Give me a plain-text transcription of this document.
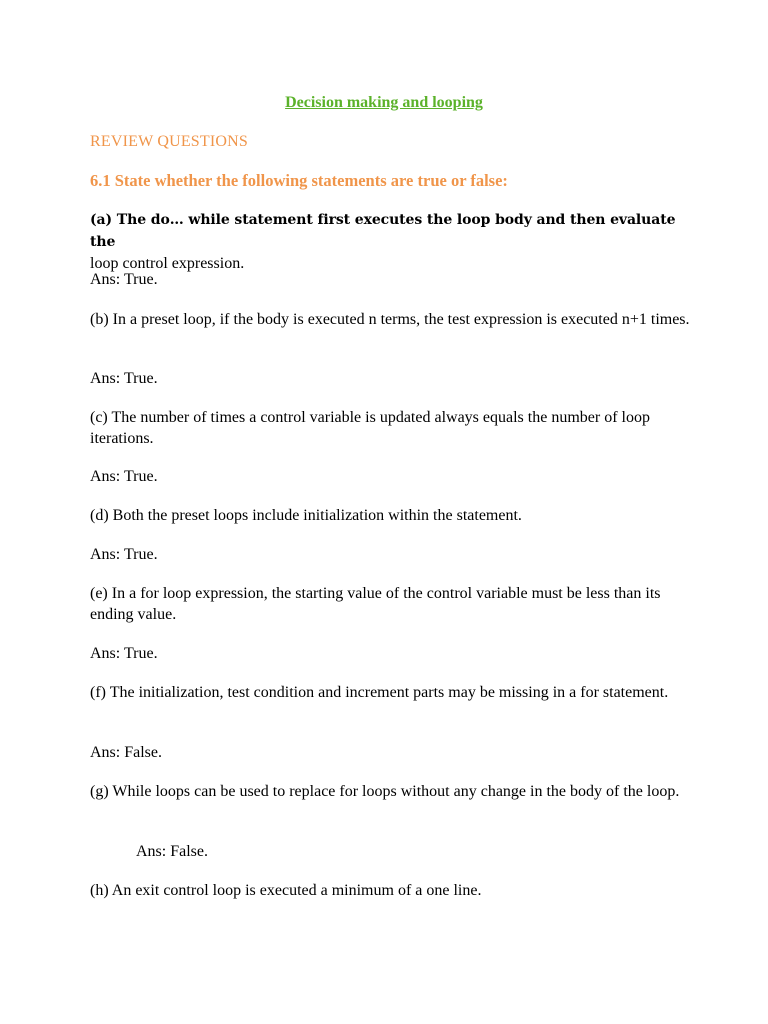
Decision making and looping
REVIEW QUESTIONS
6.1 State whether the following statements are true or false:
(a) The do… while statement first executes the loop body and then evaluate the
loop control expression.
Ans: True.
(b) In a preset loop, if the body is executed n terms, the test expression is executed n+1 times.
Ans: True.
(c) The number of times a control variable is updated always equals the number of loop iterations.
Ans: True.
(d) Both the preset loops include initialization within the statement.
Ans: True.
(e) In a for loop expression, the starting value of the control variable must be less than its ending value.
Ans: True.
(f) The initialization, test condition and increment parts may be missing in a for statement.
Ans: False.
(g) While loops can be used to replace for loops without any change in the body of the loop.
Ans: False.
(h) An exit control loop is executed a minimum of a one line.
